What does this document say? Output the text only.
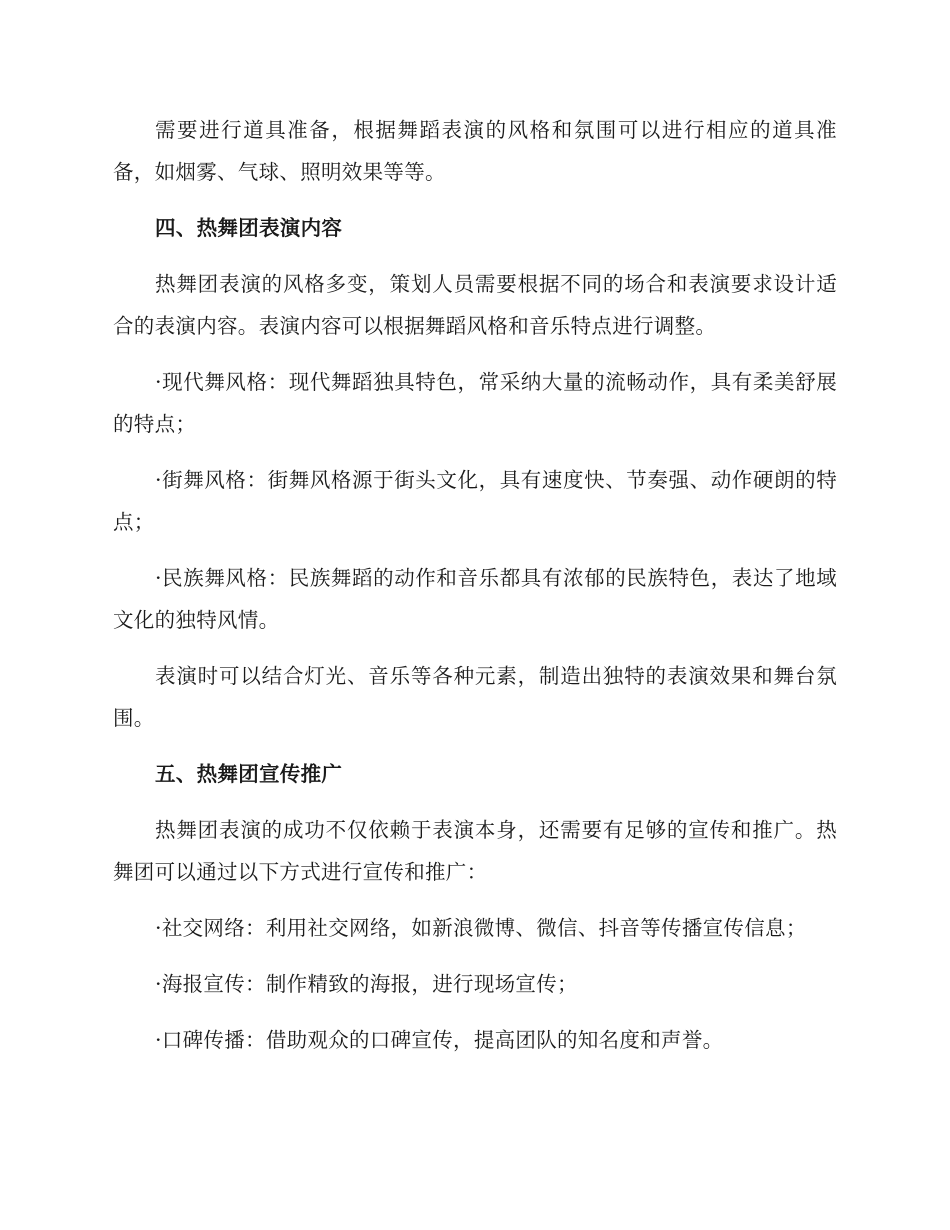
需要进行道具准备，根据舞蹈表演的风格和氛围可以进行相应的道具准备，如烟雾、气球、照明效果等等。

四、热舞团表演内容

热舞团表演的风格多变，策划人员需要根据不同的场合和表演要求设计适合的表演内容。表演内容可以根据舞蹈风格和音乐特点进行调整。

·现代舞风格：现代舞蹈独具特色，常采纳大量的流畅动作，具有柔美舒展的特点；

·街舞风格：街舞风格源于街头文化，具有速度快、节奏强、动作硬朗的特点；

·民族舞风格：民族舞蹈的动作和音乐都具有浓郁的民族特色，表达了地域文化的独特风情。

表演时可以结合灯光、音乐等各种元素，制造出独特的表演效果和舞台氛围。

五、热舞团宣传推广

热舞团表演的成功不仅依赖于表演本身，还需要有足够的宣传和推广。热舞团可以通过以下方式进行宣传和推广：

·社交网络：利用社交网络，如新浪微博、微信、抖音等传播宣传信息；

·海报宣传：制作精致的海报，进行现场宣传；

·口碑传播：借助观众的口碑宣传，提高团队的知名度和声誉。
